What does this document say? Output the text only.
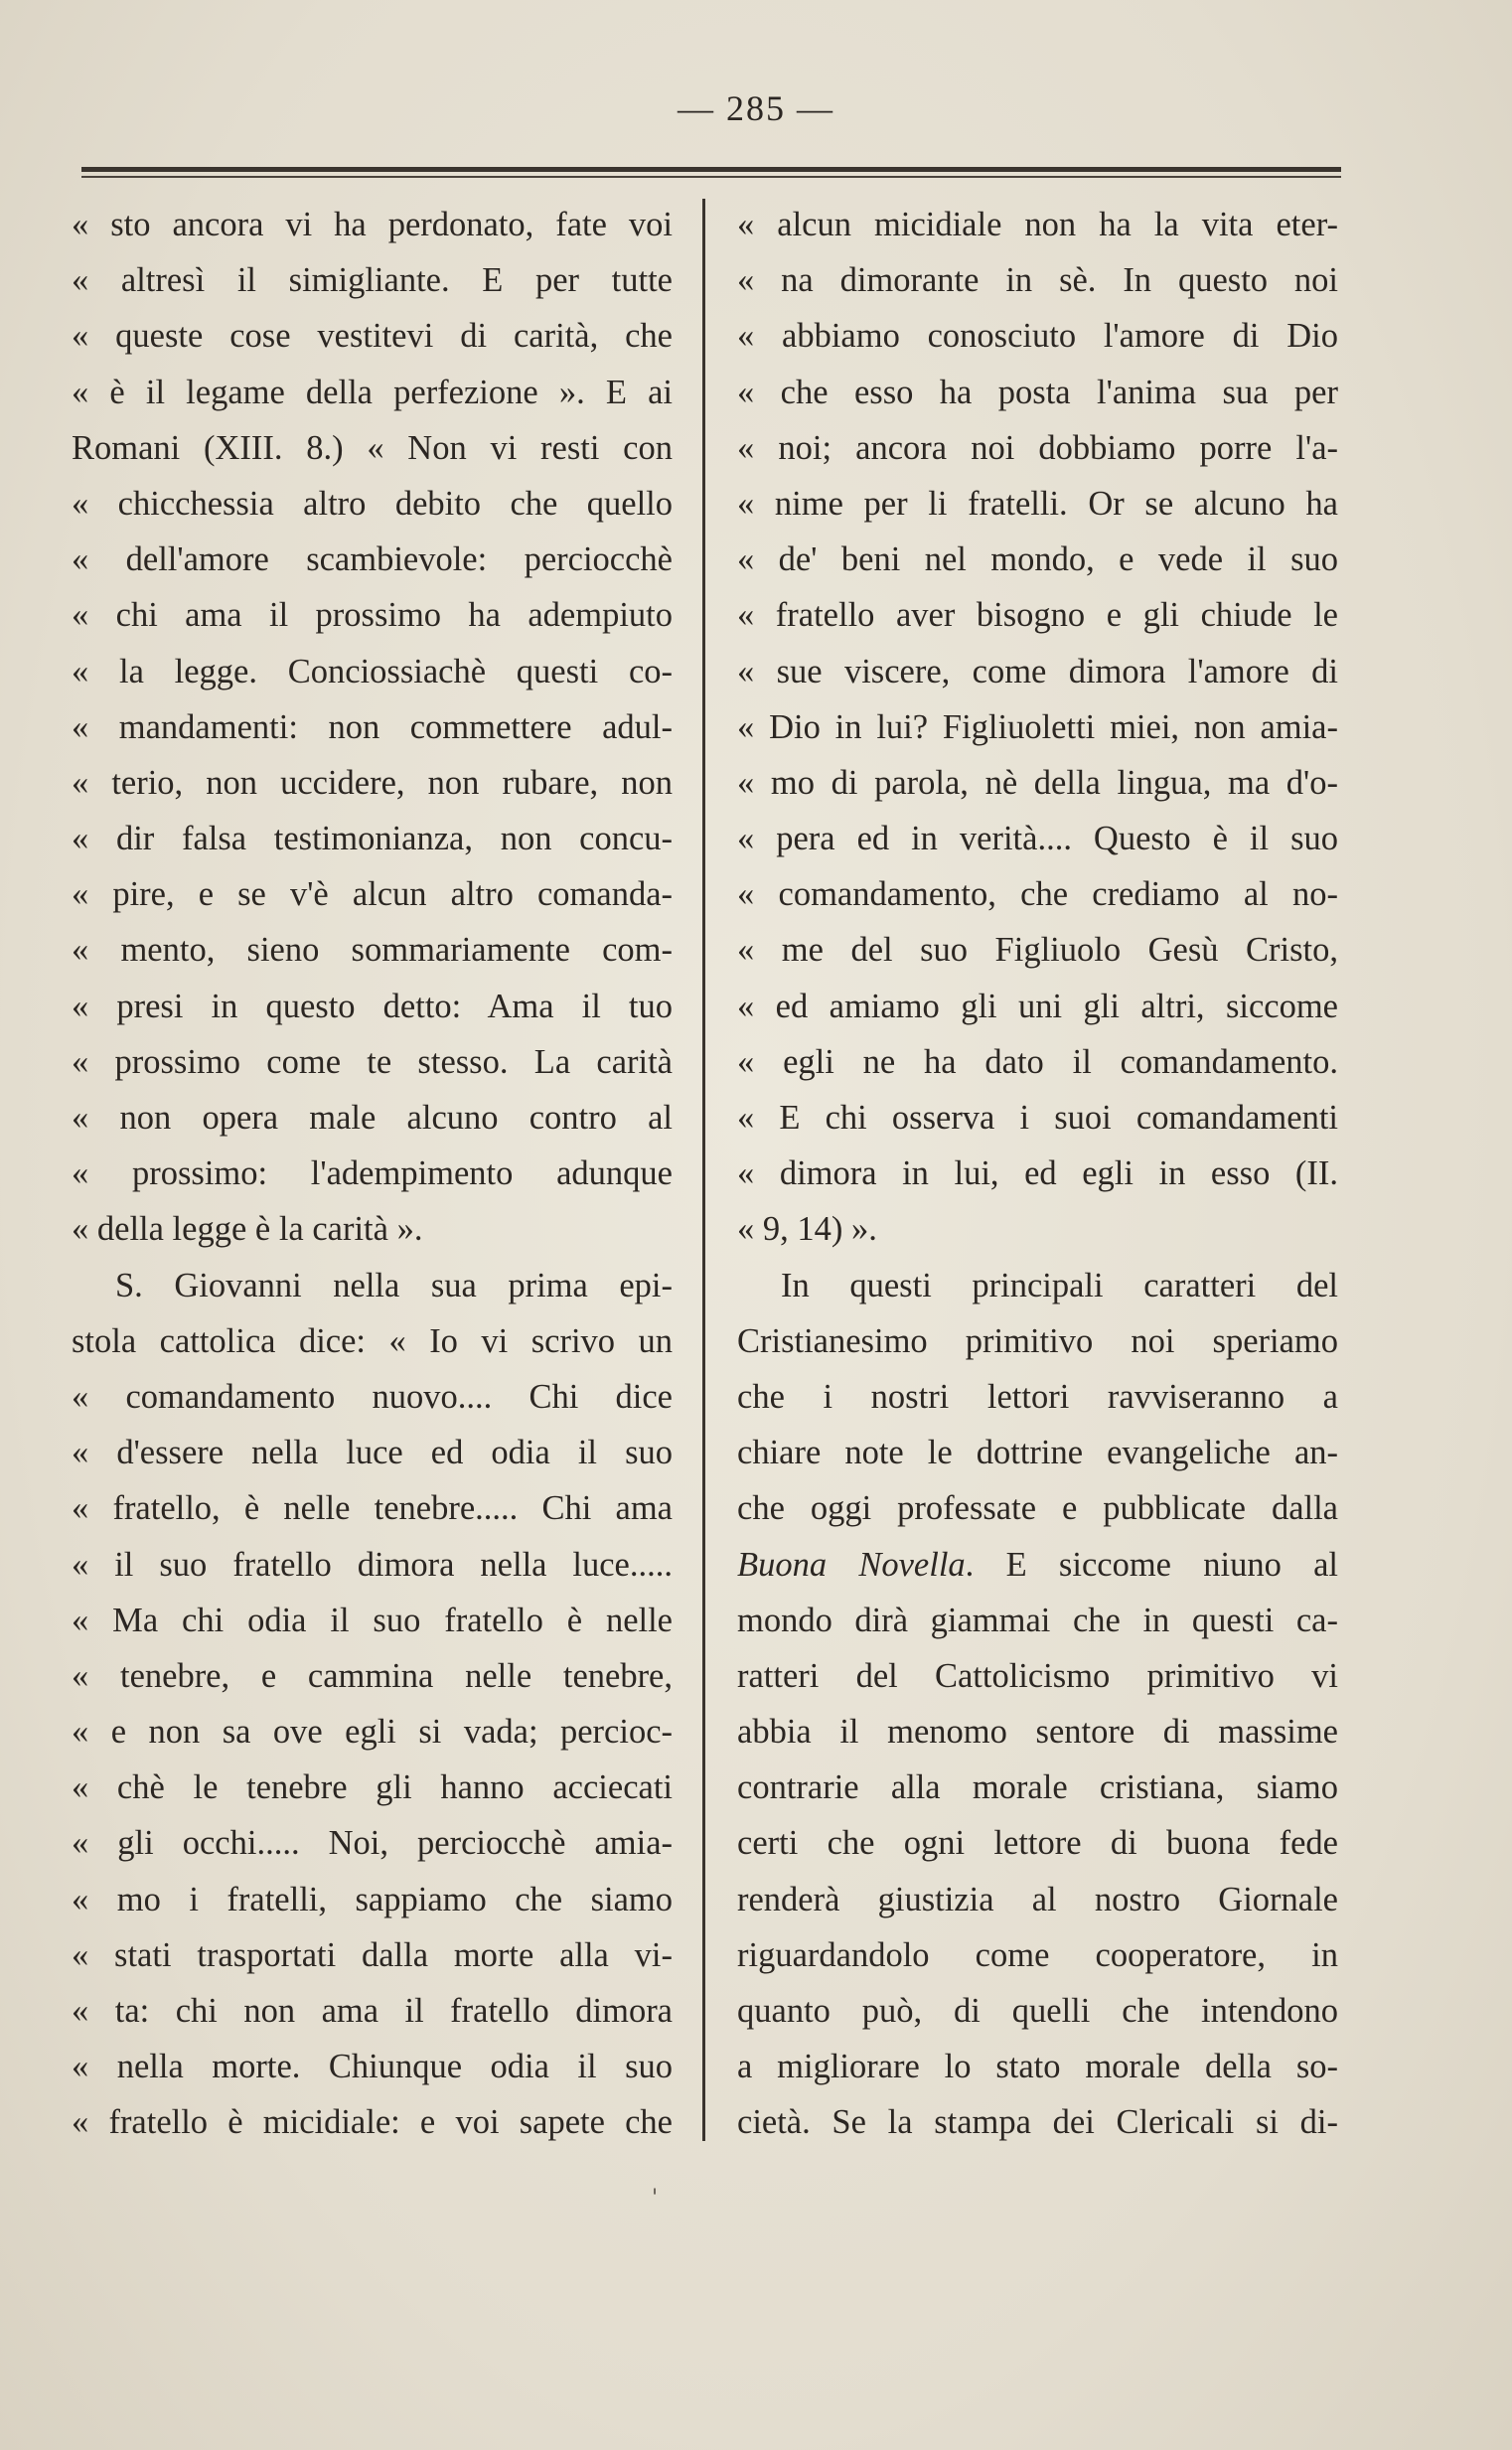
— 285 —
« sto ancora vi ha perdonato, fate voi
« altresì il simigliante. E per tutte
« queste cose vestitevi di carità, che
« è il legame della perfezione ». E ai
Romani (XIII. 8.) « Non vi resti con
« chicchessia altro debito che quello
« dell'amore scambievole: perciocchè
« chi ama il prossimo ha adempiuto
« la legge. Conciossiachè questi co-
« mandamenti: non commettere adul-
« terio, non uccidere, non rubare, non
« dir falsa testimonianza, non concu-
« pire, e se v'è alcun altro comanda-
« mento, sieno sommariamente com-
« presi in questo detto: Ama il tuo
« prossimo come te stesso. La carità
« non opera male alcuno contro al
« prossimo: l'adempimento adunque
« della legge è la carità ».
S. Giovanni nella sua prima epi-
stola cattolica dice: « Io vi scrivo un
« comandamento nuovo.... Chi dice
« d'essere nella luce ed odia il suo
« fratello, è nelle tenebre..... Chi ama
« il suo fratello dimora nella luce.....
« Ma chi odia il suo fratello è nelle
« tenebre, e cammina nelle tenebre,
« e non sa ove egli si vada; percioc-
« chè le tenebre gli hanno acciecati
« gli occhi..... Noi, perciocchè amia-
« mo i fratelli, sappiamo che siamo
« stati trasportati dalla morte alla vi-
« ta: chi non ama il fratello dimora
« nella morte. Chiunque odia il suo
« fratello è micidiale: e voi sapete che
« alcun micidiale non ha la vita eter-
« na dimorante in sè. In questo noi
« abbiamo conosciuto l'amore di Dio
« che esso ha posta l'anima sua per
« noi; ancora noi dobbiamo porre l'a-
« nime per li fratelli. Or se alcuno ha
« de' beni nel mondo, e vede il suo
« fratello aver bisogno e gli chiude le
« sue viscere, come dimora l'amore di
« Dio in lui? Figliuoletti miei, non amia-
« mo di parola, nè della lingua, ma d'o-
« pera ed in verità.... Questo è il suo
« comandamento, che crediamo al no-
« me del suo Figliuolo Gesù Cristo,
« ed amiamo gli uni gli altri, siccome
« egli ne ha dato il comandamento.
« E chi osserva i suoi comandamenti
« dimora in lui, ed egli in esso (II.
« 9, 14) ».
In questi principali caratteri del
Cristianesimo primitivo noi speriamo
che i nostri lettori ravviseranno a
chiare note le dottrine evangeliche an-
che oggi professate e pubblicate dalla
Buona Novella. E siccome niuno al
mondo dirà giammai che in questi ca-
ratteri del Cattolicismo primitivo vi
abbia il menomo sentore di massime
contrarie alla morale cristiana, siamo
certi che ogni lettore di buona fede
renderà giustizia al nostro Giornale
riguardandolo come cooperatore, in
quanto può, di quelli che intendono
a migliorare lo stato morale della so-
cietà. Se la stampa dei Clericali si di-
'
